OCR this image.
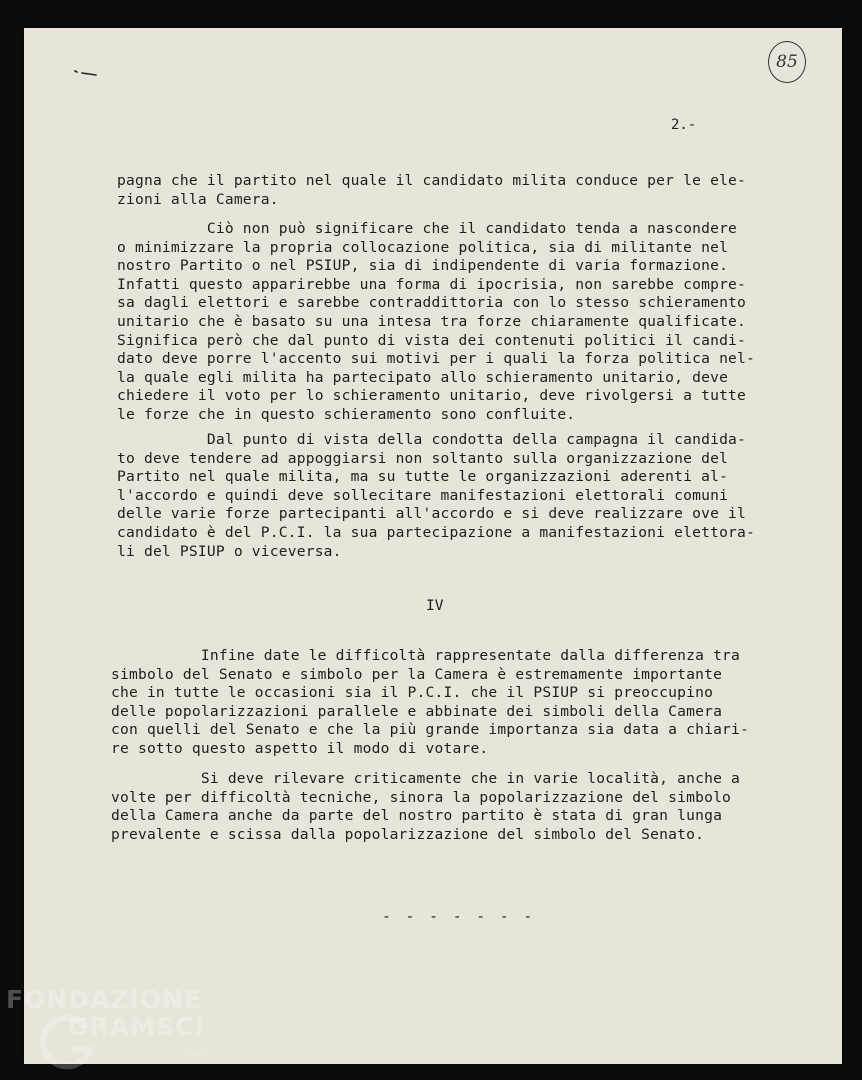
85
2.-
pagna che il partito nel quale il candidato milita conduce per le ele-
zioni alla Camera.
Ciò non può significare che il candidato tenda a nascondere
o minimizzare la propria collocazione politica, sia di militante nel
nostro Partito o nel PSIUP, sia di indipendente di varia formazione.
Infatti questo apparirebbe una forma di ipocrisia, non sarebbe compre-
sa dagli elettori e sarebbe contraddittoria con lo stesso schieramento
unitario che è basato su una intesa tra forze chiaramente qualificate.
Significa però che dal punto di vista dei contenuti politici il candi-
dato deve porre l'accento sui motivi per i quali la forza politica nel-
la quale egli milita ha partecipato allo schieramento unitario, deve
chiedere il voto per lo schieramento unitario, deve rivolgersi a tutte
le forze che in questo schieramento sono confluite.
Dal punto di vista della condotta della campagna il candida-
to deve tendere ad appoggiarsi non soltanto sulla organizzazione del
Partito nel quale milita, ma su tutte le organizzazioni aderenti al-
l'accordo e quindi deve sollecitare manifestazioni elettorali comuni
delle varie forze partecipanti all'accordo e si deve realizzare ove il
candidato è del P.C.I. la sua partecipazione a manifestazioni elettora-
li del PSIUP o viceversa.
Infine date le difficoltà rappresentate dalla differenza tra
simbolo del Senato e simbolo per la Camera è estremamente importante
che in tutte le occasioni sia il P.C.I. che il PSIUP si preoccupino
delle popolarizzazioni parallele e abbinate dei simboli della Camera
con quelli del Senato e che la più grande importanza sia data a chiari-
re sotto questo aspetto il modo di votare.
Si deve rilevare criticamente che in varie località, anche a
volte per difficoltà tecniche, sinora la popolarizzazione del simbolo
della Camera anche da parte del nostro partito è stata di gran lunga
prevalente e scissa dalla popolarizzazione del simbolo del Senato.
IV
- - - - - - -
FONDAZIONE
GRAMSCI
onlus
